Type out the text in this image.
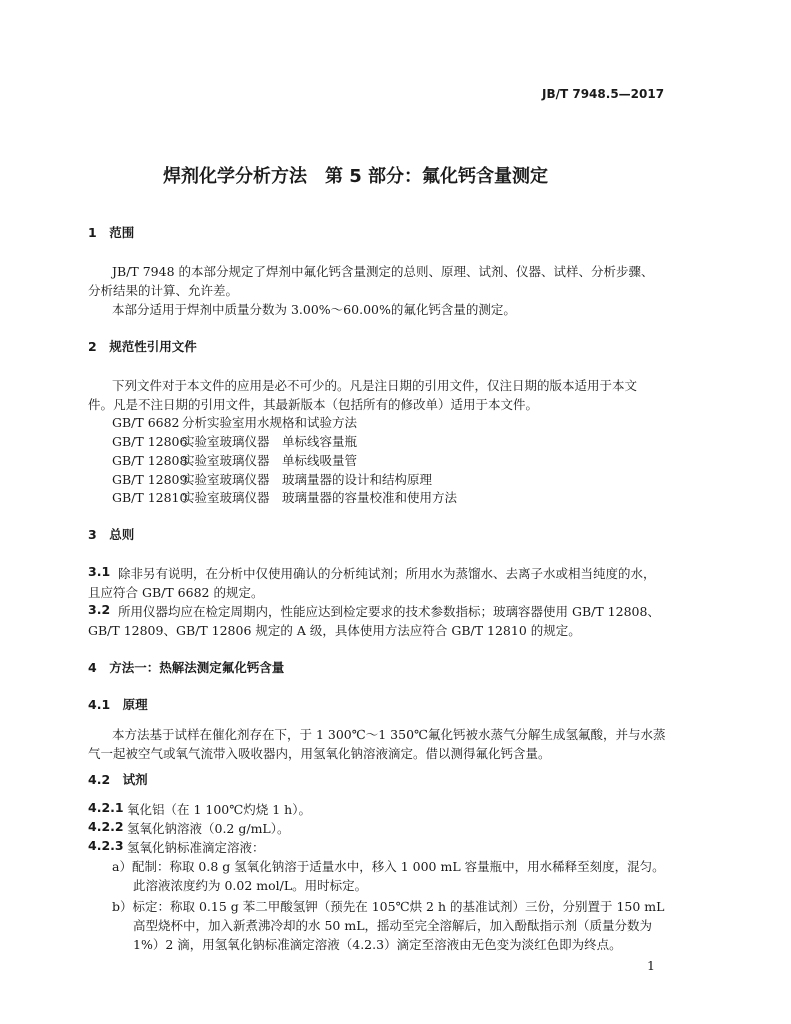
JB/T 7948.5—2017
焊剂化学分析方法　第 5 部分：氟化钙含量测定
1　范围
JB/T 7948 的本部分规定了焊剂中氟化钙含量测定的总则、原理、试剂、仪器、试样、分析步骤、
分析结果的计算、允许差。
本部分适用于焊剂中质量分数为 3.00%～60.00%的氟化钙含量的测定。
2　规范性引用文件
下列文件对于本文件的应用是必不可少的。凡是注日期的引用文件，仅注日期的版本适用于本文
件。凡是不注日期的引用文件，其最新版本（包括所有的修改单）适用于本文件。
GB/T 6682 分析实验室用水规格和试验方法
GB/T 12806实验室玻璃仪器　单标线容量瓶
GB/T 12808实验室玻璃仪器　单标线吸量管
GB/T 12809实验室玻璃仪器　玻璃量器的设计和结构原理
GB/T 12810实验室玻璃仪器　玻璃量器的容量校准和使用方法
3　总则
3.1 除非另有说明，在分析中仅使用确认的分析纯试剂；所用水为蒸馏水、去离子水或相当纯度的水，
且应符合 GB/T 6682 的规定。
3.2 所用仪器均应在检定周期内，性能应达到检定要求的技术参数指标；玻璃容器使用 GB/T 12808、
GB/T 12809、GB/T 12806 规定的 A 级，具体使用方法应符合 GB/T 12810 的规定。
4　方法一：热解法测定氟化钙含量
4.1　原理
本方法基于试样在催化剂存在下，于 1 300℃～1 350℃氟化钙被水蒸气分解生成氢氟酸，并与水蒸
气一起被空气或氧气流带入吸收器内，用氢氧化钠溶液滴定。借以测得氟化钙含量。
4.2　试剂
4.2.1 氧化铝（在 1 100℃灼烧 1 h）。
4.2.2 氢氧化钠溶液（0.2 g/mL）。
4.2.3 氢氧化钠标准滴定溶液：
a）配制：称取 0.8 g 氢氧化钠溶于适量水中，移入 1 000 mL 容量瓶中，用水稀释至刻度，混匀。
此溶液浓度约为 0.02 mol/L。用时标定。
b）标定：称取 0.15 g 苯二甲酸氢钾（预先在 105℃烘 2 h 的基准试剂）三份，分别置于 150 mL
高型烧杯中，加入新煮沸冷却的水 50 mL，摇动至完全溶解后，加入酚酞指示剂（质量分数为
1%）2 滴，用氢氧化钠标准滴定溶液（4.2.3）滴定至溶液由无色变为淡红色即为终点。
1
